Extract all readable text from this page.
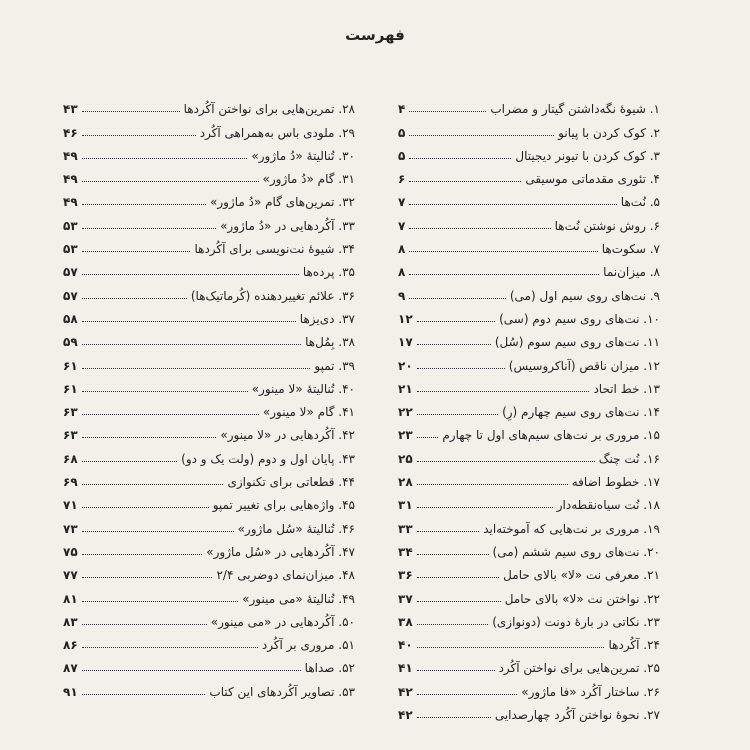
فهرست
۱. شیوهٔ نگه‌داشتن گیتار و مضراب
۴
۲. کوک کردن با پیانو
۵
۳. کوک کردن با تیونر دیجیتال
۵
۴. تئوری مقدماتی موسیقی
۶
۵. نُت‌ها
۷
۶. روش نوشتن نُت‌ها
۷
۷. سکوت‌ها
۸
۸. میزان‌نما
۸
۹. نت‌های روی سیم اول (می)
۹
۱۰. نت‌های روی سیم دوم (سی)
۱۲
۱۱. نت‌های روی سیم سوم (سُل)
۱۷
۱۲. میزان ناقص (آناکروسیس)
۲۰
۱۳. خط اتحاد
۲۱
۱۴. نت‌های روی سیم چهارم (رِ)
۲۲
۱۵. مروری بر نت‌های سیم‌های اول تا چهارم
۲۳
۱۶. نُت چنگ
۲۵
۱۷. خطوط اضافه
۲۸
۱۸. نُت سیاه‌نقطه‌دار
۳۱
۱۹. مروری بر نت‌هایی که آموخته‌اید
۳۳
۲۰. نت‌های روی سیم ششم (می)
۳۴
۲۱. معرفی نت «لا» بالای حامل
۳۶
۲۲. نواختن نت «لا» بالای حامل
۳۷
۲۳. نکاتی در بارهٔ دونت (دونوازی)
۳۸
۲۴. آکُردها
۴۰
۲۵. تمرین‌هایی برای نواختن آکُرد
۴۱
۲۶. ساختار آکُرد «فا ماژور»
۴۲
۲۷. نحوهٔ نواختن آکُرد چهارصدایی
۴۲
۲۸. تمرین‌هایی برای نواختن آکُردها
۴۳
۲۹. ملودی باس به‌همراهی آکُرد
۴۶
۳۰. تُنالیتهٔ «دُ ماژور»
۴۹
۳۱. گام «دُ ماژور»
۴۹
۳۲. تمرین‌های گام «دُ ماژور»
۴۹
۳۳. آکُردهایی در «دُ ماژور»
۵۳
۳۴. شیوهٔ نت‌نویسی برای آکُردها
۵۳
۳۵. پرده‌ها
۵۷
۳۶. علائم تغییردهنده (کُرماتیک‌ها)
۵۷
۳۷. دی‌یزها
۵۸
۳۸. بِمُل‌ها
۵۹
۳۹. تمپو
۶۱
۴۰. تُنالیتهٔ «لا مینور»
۶۱
۴۱. گام «لا مینور»
۶۳
۴۲. آکُردهایی در «لا مینور»
۶۳
۴۳. پایان اول و دوم (ولت یک و دو)
۶۸
۴۴. قطعاتی برای تکنوازی
۶۹
۴۵. واژه‌هایی برای تغییر تمپو
۷۱
۴۶. تُنالیتهٔ «سُل ماژور»
۷۳
۴۷. آکُردهایی در «سُل ماژور»
۷۵
۴۸. میزان‌نمای دوضربی ۲/۴
۷۷
۴۹. تُنالیتهٔ «می مینور»
۸۱
۵۰. آکُردهایی در «می مینور»
۸۳
۵۱. مروری بر آکُرد
۸۶
۵۲. صداها
۸۷
۵۳. تصاویر آکُردهای این کتاب
۹۱
